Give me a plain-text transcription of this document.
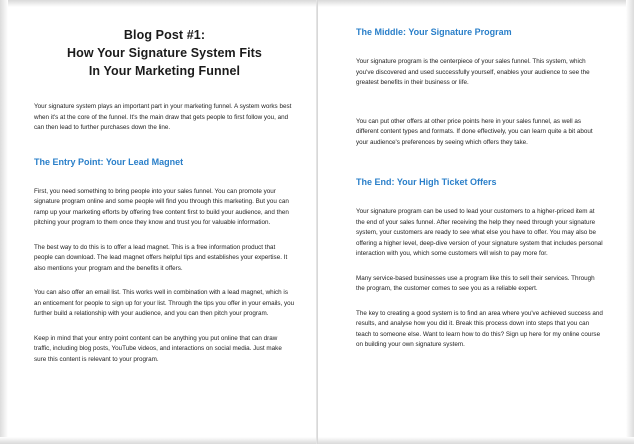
Blog Post #1:
How Your Signature System Fits
In Your Marketing Funnel

Your signature system plays an important part in your marketing funnel. A system works best when it's at the core of the funnel. It's the main draw that gets people to first follow you, and can then lead to further purchases down the line.

The Entry Point: Your Lead Magnet

First, you need something to bring people into your sales funnel. You can promote your signature program online and some people will find you through this marketing. But you can ramp up your marketing efforts by offering free content first to build your audience, and then pitching your program to them once they know and trust you for valuable information.

The best way to do this is to offer a lead magnet. This is a free information product that people can download. The lead magnet offers helpful tips and establishes your expertise. It also mentions your program and the benefits it offers.

You can also offer an email list. This works well in combination with a lead magnet, which is an enticement for people to sign up for your list. Through the tips you offer in your emails, you further build a relationship with your audience, and you can then pitch your program.

Keep in mind that your entry point content can be anything you put online that can draw traffic, including blog posts, YouTube videos, and interactions on social media. Just make sure this content is relevant to your program.

The Middle: Your Signature Program

Your signature program is the centerpiece of your sales funnel. This system, which you've discovered and used successfully yourself, enables your audience to see the greatest benefits in their business or life.

You can put other offers at other price points here in your sales funnel, as well as different content types and formats. If done effectively, you can learn quite a bit about your audience's preferences by seeing which offers they take.

The End: Your High Ticket Offers

Your signature program can be used to lead your customers to a higher-priced item at the end of your sales funnel. After receiving the help they need through your signature system, your customers are ready to see what else you have to offer. You may also be offering a higher level, deep-dive version of your signature system that includes personal interaction with you, which some customers will wish to pay more for.

Many service-based businesses use a program like this to sell their services. Through the program, the customer comes to see you as a reliable expert.

The key to creating a good system is to find an area where you've achieved success and results, and analyse how you did it. Break this process down into steps that you can teach to someone else. Want to learn how to do this? Sign up here for my online course on building your own signature system.
